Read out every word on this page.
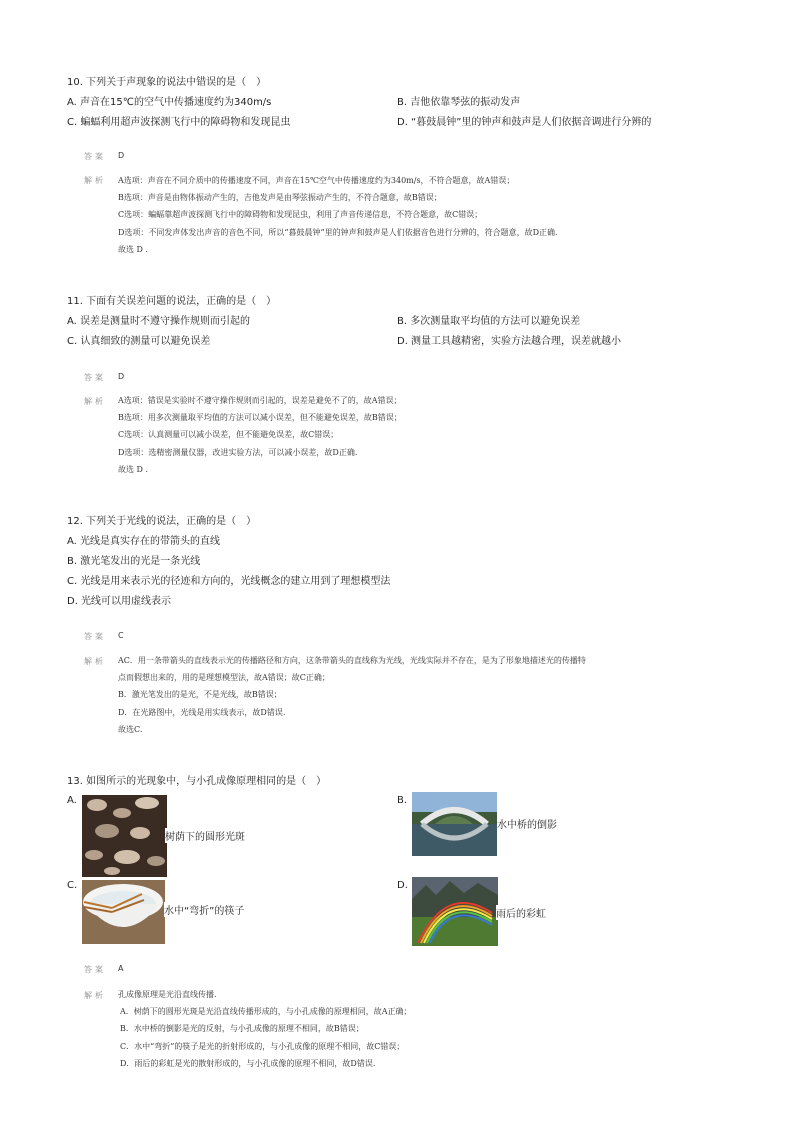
10. 下列关于声现象的说法中错误的是（　）
A. 声音在15℃的空气中传播速度约为340m/s	B. 吉他依靠琴弦的振动发声
C. 蝙蝠利用超声波探测飞行中的障碍物和发现昆虫	D. “暮鼓晨钟”里的钟声和鼓声是人们依据音调进行分辨的
答案 D
解析 A选项：声音在不同介质中的传播速度不同，声音在15℃空气中传播速度约为340m/s，不符合题意，故A错误；
B选项：声音是由物体振动产生的，吉他发声是由琴弦振动产生的，不符合题意，故B错误；
C选项：蝙蝠靠超声波探测飞行中的障碍物和发现昆虫，利用了声音传递信息，不符合题意，故C错误；
D选项：不同发声体发出声音的音色不同，所以“暮鼓晨钟”里的钟声和鼓声是人们依据音色进行分辨的，符合题意，故D正确.
故选 D .
11. 下面有关误差问题的说法，正确的是（　）
A. 误差是测量时不遵守操作规则而引起的	B. 多次测量取平均值的方法可以避免误差
C. 认真细致的测量可以避免误差	D. 测量工具越精密，实验方法越合理，误差就越小
答案 D
解析 A选项：错误是实验时不遵守操作规则而引起的，误差是避免不了的，故A错误；
B选项：用多次测量取平均值的方法可以减小误差，但不能避免误差，故B错误；
C选项：认真测量可以减小误差，但不能避免误差，故C错误；
D选项：选精密测量仪器，改进实验方法，可以减小误差，故D正确.
故选 D .
12. 下列关于光线的说法，正确的是（　）
A. 光线是真实存在的带箭头的直线
B. 激光笔发出的光是一条光线
C. 光线是用来表示光的径迹和方向的，光线概念的建立用到了理想模型法
D. 光线可以用虚线表示
答案 C
解析 AC．用一条带箭头的直线表示光的传播路径和方向，这条带箭头的直线称为光线，光线实际并不存在，是为了形象地描述光的传播特
点而假想出来的，用的是理想模型法，故A错误；故C正确；
B．激光笔发出的是光，不是光线，故B错误；
D．在光路图中，光线是用实线表示，故D错误.
故选C.
13. 如图所示的光现象中，与小孔成像原理相同的是（　）
A.
树荫下的圆形光斑
B.
水中桥的倒影
C.
水中“弯折”的筷子
D.
雨后的彩虹
答案 A
解析 孔成像原理是光沿直线传播.
A．树荫下的圆形光斑是光沿直线传播形成的，与小孔成像的原理相同，故A正确；
B．水中桥的倒影是光的反射，与小孔成像的原理不相同，故B错误；
C．水中“弯折”的筷子是光的折射形成的，与小孔成像的原理不相同，故C错误；
D．雨后的彩虹是光的散射形成的，与小孔成像的原理不相同，故D错误.
